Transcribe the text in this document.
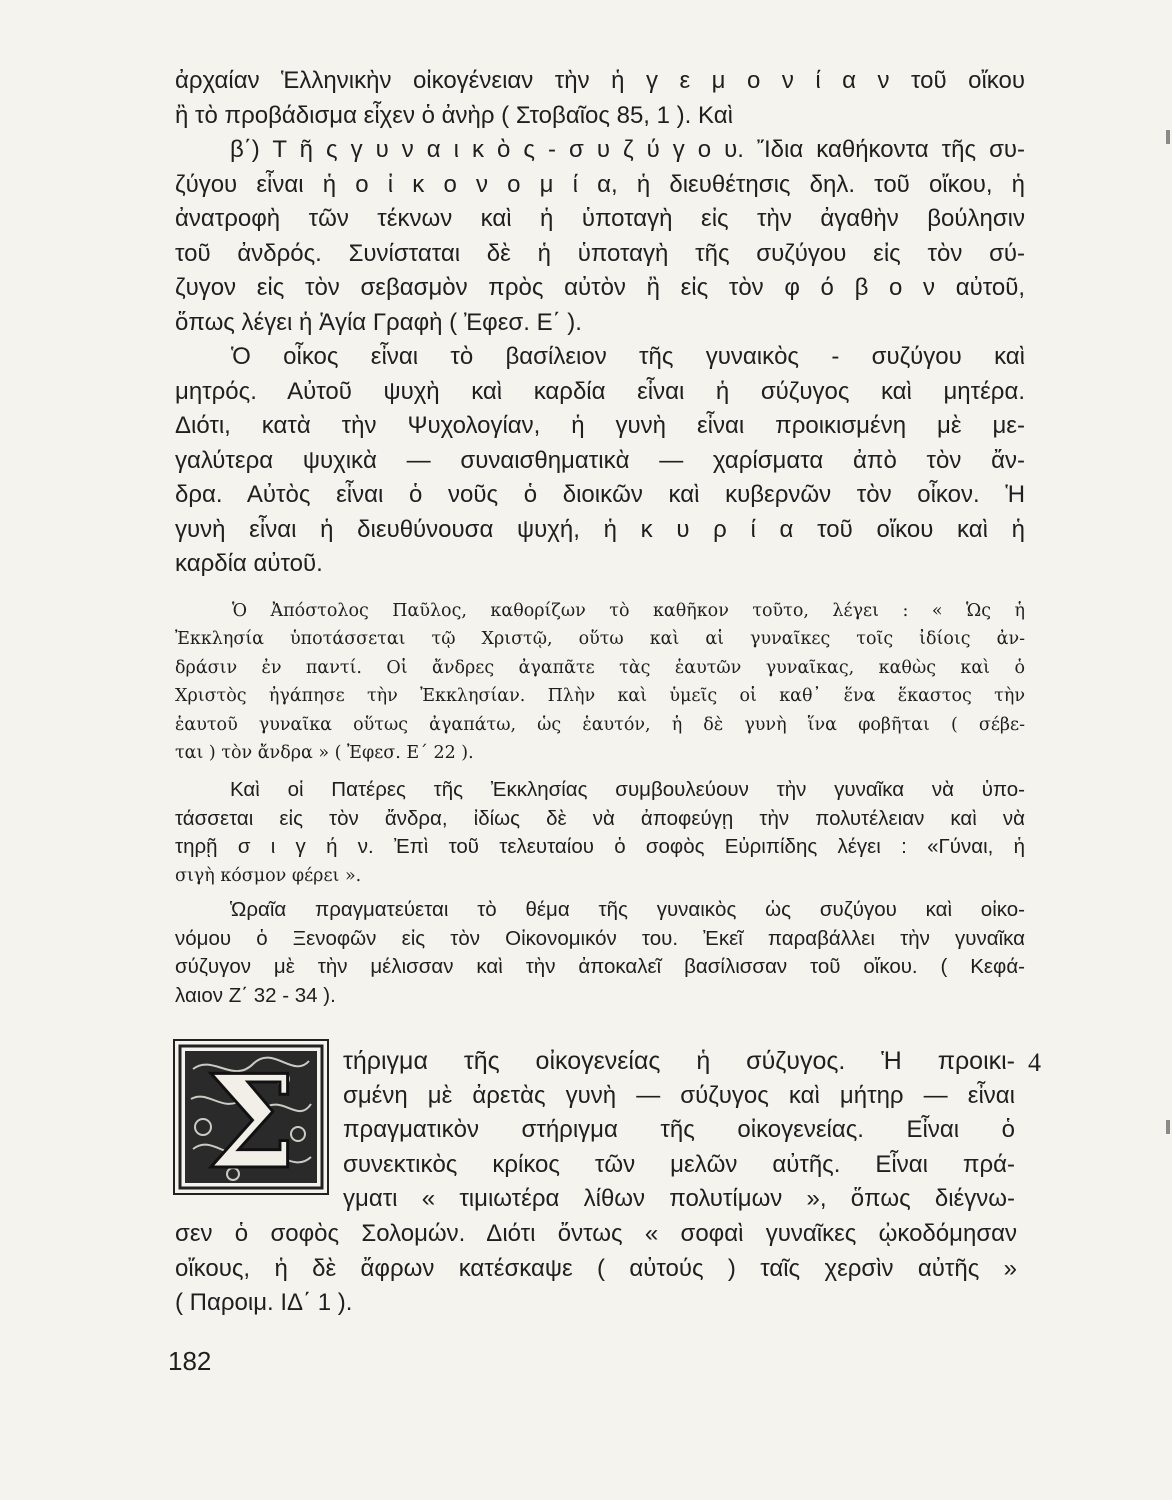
ἀρχαίαν Ἑλληνικὴν οἰκογένειαν τὴν ἡ γ ε μ ο ν ί α ν τοῦ οἴκου
ἢ τὸ προβάδισμα εἶχεν ὁ ἀνὴρ ( Στοβαῖος 85, 1 ). Καὶ
β΄) Τ ῆ ς γ υ ν α ι κ ὸ ς - σ υ ζ ύ γ ο υ. Ἴδια καθήκοντα τῆς συ-
ζύγου εἶναι ἡ ο ἰ κ ο ν ο μ ί α, ἡ διευθέτησις δηλ. τοῦ οἴκου, ἡ
ἀνατροφὴ τῶν τέκνων καὶ ἡ ὑποταγὴ εἰς τὴν ἀγαθὴν βούλησιν
τοῦ ἀνδρός. Συνίσταται δὲ ἡ ὑποταγὴ τῆς συζύγου εἰς τὸν σύ-
ζυγον εἰς τὸν σεβασμὸν πρὸς αὐτὸν ἢ εἰς τὸν φ ό β ο ν αὐτοῦ,
ὅπως λέγει ἡ Ἁγία Γραφὴ ( Ἐφεσ. Ε΄ ).
Ὁ οἶκος εἶναι τὸ βασίλειον τῆς γυναικὸς - συζύγου καὶ
μητρός. Αὐτοῦ ψυχὴ καὶ καρδία εἶναι ἡ σύζυγος καὶ μητέρα.
Διότι, κατὰ τὴν Ψυχολογίαν, ἡ γυνὴ εἶναι προικισμένη μὲ με-
γαλύτερα ψυχικὰ — συναισθηματικὰ — χαρίσματα ἀπὸ τὸν ἄν-
δρα. Αὐτὸς εἶναι ὁ νοῦς ὁ διοικῶν καὶ κυβερνῶν τὸν οἶκον. Ἡ
γυνὴ εἶναι ἡ διευθύνουσα ψυχή, ἡ κ υ ρ ί α τοῦ οἴκου καὶ ἡ
καρδία αὐτοῦ.
Ὁ Ἀπόστολος Παῦλος, καθορίζων τὸ καθῆκον τοῦτο, λέγει : « Ὡς ἡ
Ἐκκλησία ὑποτάσσεται τῷ Χριστῷ, οὕτω καὶ αἱ γυναῖκες τοῖς ἰδίοις ἀν-
δράσιν ἐν παντί. Οἱ ἄνδρες ἀγαπᾶτε τὰς ἑαυτῶν γυναῖκας, καθὼς καὶ ὁ
Χριστὸς ἠγάπησε τὴν Ἐκκλησίαν. Πλὴν καὶ ὑμεῖς οἱ καθ᾽ ἕνα ἕκαστος τὴν
ἑαυτοῦ γυναῖκα οὕτως ἀγαπάτω, ὡς ἑαυτόν, ἡ δὲ γυνὴ ἵνα φοβῆται ( σέβε-
ται ) τὸν ἄνδρα » ( Ἐφεσ. Ε΄ 22 ).
Καὶ οἱ Πατέρες τῆς Ἐκκλησίας συμβουλεύουν τὴν γυναῖκα νὰ ὑπο-
τάσσεται εἰς τὸν ἄνδρα, ἰδίως δὲ νὰ ἀποφεύγῃ τὴν πολυτέλειαν καὶ νὰ
τηρῇ σ ι γ ή ν. Ἐπὶ τοῦ τελευταίου ὁ σοφὸς Εὐριπίδης λέγει : «Γύναι, ἡ
σιγὴ κόσμον φέρει ».
Ὡραῖα πραγματεύεται τὸ θέμα τῆς γυναικὸς ὡς συζύγου καὶ οἰκο-
νόμου ὁ Ξενοφῶν εἰς τὸν Οἰκονομικόν του. Ἐκεῖ παραβάλλει τὴν γυναῖκα
σύζυγον μὲ τὴν μέλισσαν καὶ τὴν ἀποκαλεῖ βασίλισσαν τοῦ οἴκου. ( Κεφά-
λαιον Ζ΄ 32 - 34 ).
Σ	4
τήριγμα τῆς οἰκογενείας ἡ σύζυγος. Ἡ προικι-
σμένη μὲ ἀρετὰς γυνὴ — σύζυγος καὶ μήτηρ — εἶναι
πραγματικὸν στήριγμα τῆς οἰκογενείας. Εἶναι ὁ
συνεκτικὸς κρίκος τῶν μελῶν αὐτῆς. Εἶναι πρά-
γματι « τιμιωτέρα λίθων πολυτίμων », ὅπως διέγνω-
σεν ὁ σοφὸς Σολομών. Διότι ὄντως « σοφαὶ γυναῖκες ᾠκοδόμησαν
οἴκους, ἡ δὲ ἄφρων κατέσκαψε ( αὐτούς ) ταῖς χερσὶν αὐτῆς »
( Παροιμ. ΙΔ΄ 1 ).
182
